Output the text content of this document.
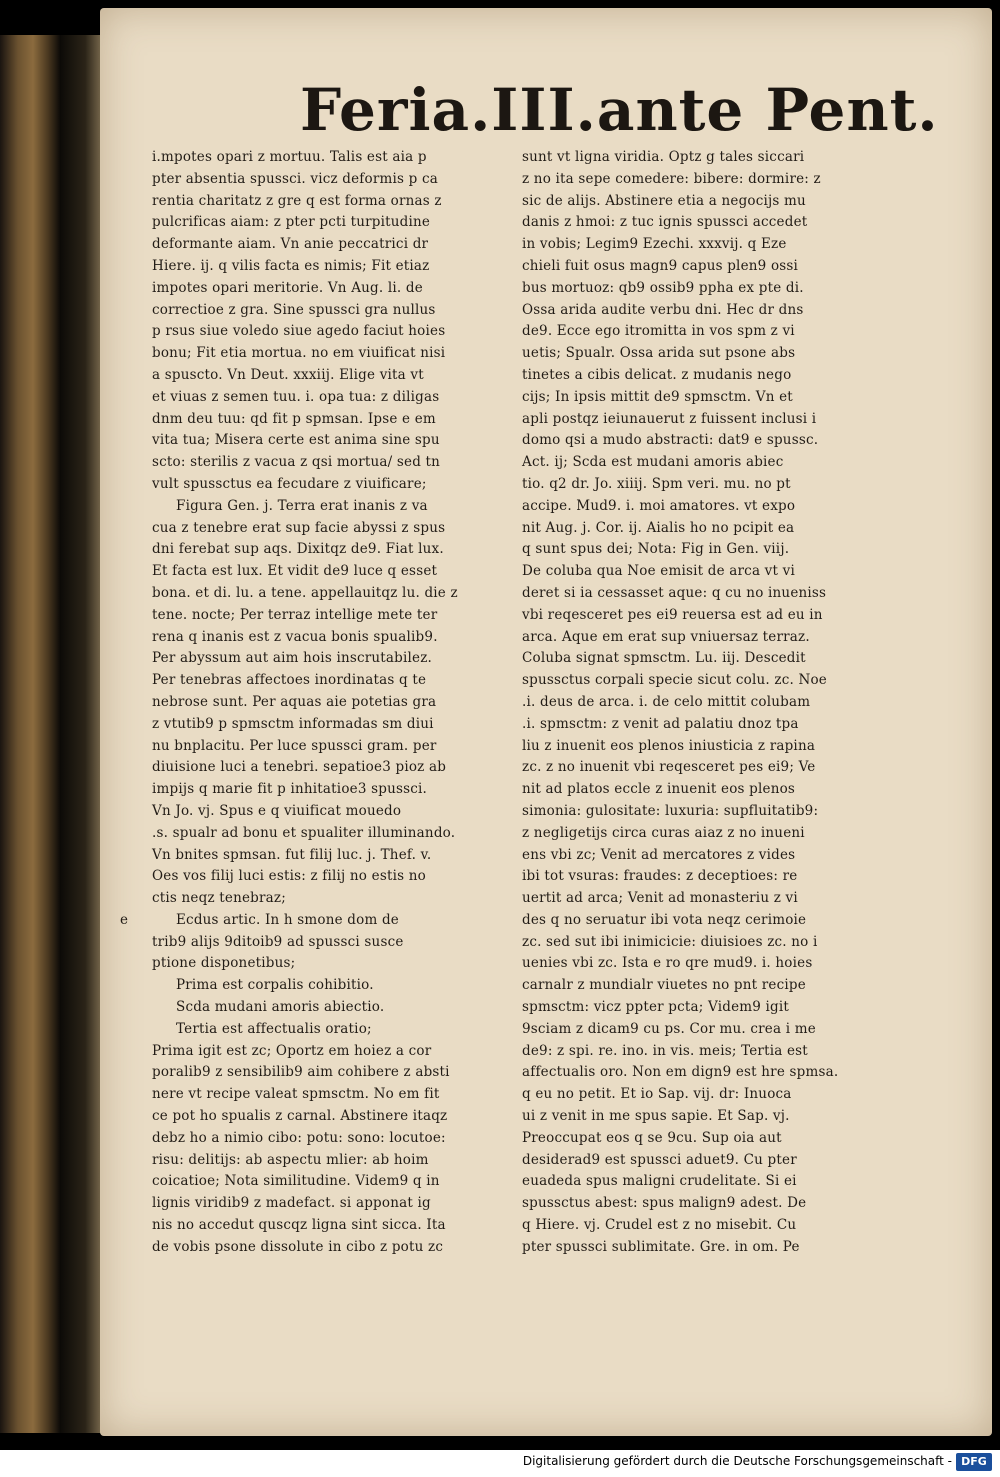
Feria.III.ante Pent.
i.mpotes opari z mortuu. Talis est aia p
pter absentia spussci. vicz deformis p ca
rentia charitatz z gre q est forma ornas z
pulcrificas aiam: z pter pcti turpitudine
deformante aiam. Vn anie peccatrici dr
Hiere. ij. q vilis facta es nimis; Fit etiaz
impotes opari meritorie. Vn Aug. li. de
correctioe z gra. Sine spussci gra nullus
p rsus siue voledo siue agedo faciut hoies
bonu; Fit etia mortua. no em viuificat nisi
a spuscto. Vn Deut. xxxiij. Elige vita vt
et viuas z semen tuu. i. opa tua: z diligas
dnm deu tuu: qd fit p spmsan. Ipse e em
vita tua; Misera certe est anima sine spu
scto: sterilis z vacua z qsi mortua/ sed tn
vult spussctus ea fecudare z viuificare;
Figura Gen. j. Terra erat inanis z va
cua z tenebre erat sup facie abyssi z spus
dni ferebat sup aqs. Dixitqz de9. Fiat lux.
Et facta est lux. Et vidit de9 luce q esset
bona. et di. lu. a tene. appellauitqz lu. die z
tene. nocte; Per terraz intellige mete ter
rena q inanis est z vacua bonis spualib9.
Per abyssum aut aim hois inscrutabilez.
Per tenebras affectoes inordinatas q te
nebrose sunt. Per aquas aie potetias gra
z vtutib9 p spmsctm informadas sm diui
nu bnplacitu. Per luce spussci gram. per
diuisione luci a tenebri. sepatioe3 pioz ab
impijs q marie fit p inhitatioe3 spussci.
Vn Jo. vj. Spus e q viuificat mouedo
.s. spualr ad bonu et spualiter illuminando.
Vn bnites spmsan. fut filij luc. j. Thef. v.
Oes vos filij luci estis: z filij no estis no
ctis neqz tenebraz;
Ecdus artic. In h smone dom de
e
trib9 alijs 9ditoib9 ad spussci susce
ptione disponetibus;
Prima est corpalis cohibitio.
Scda mudani amoris abiectio.
Tertia est affectualis oratio;
Prima igit est zc; Oportz em hoiez a cor
poralib9 z sensibilib9 aim cohibere z absti
nere vt recipe valeat spmsctm. No em fit
ce pot ho spualis z carnal. Abstinere itaqz
debz ho a nimio cibo: potu: sono: locutoe:
risu: delitijs: ab aspectu mlier: ab hoim
coicatioe; Nota similitudine. Videm9 q in
lignis viridib9 z madefact. si apponat ig
nis no accedut quscqz ligna sint sicca. Ita
de vobis psone dissolute in cibo z potu zc
sunt vt ligna viridia. Optz g tales siccari
z no ita sepe comedere: bibere: dormire: z
sic de alijs. Abstinere etia a negocijs mu
danis z hmoi: z tuc ignis spussci accedet
in vobis; Legim9 Ezechi. xxxvij. q Eze
chieli fuit osus magn9 capus plen9 ossi
bus mortuoz: qb9 ossib9 ppha ex pte di.
Ossa arida audite verbu dni. Hec dr dns
de9. Ecce ego itromitta in vos spm z vi
uetis; Spualr. Ossa arida sut psone abs
tinetes a cibis delicat. z mudanis nego
cijs; In ipsis mittit de9 spmsctm. Vn et
apli postqz ieiunauerut z fuissent inclusi i
domo qsi a mudo abstracti: dat9 e spussc.
Act. ij; Scda est mudani amoris abiec
tio. q2 dr. Jo. xiiij. Spm veri. mu. no pt
accipe. Mud9. i. moi amatores. vt expo
nit Aug. j. Cor. ij. Aialis ho no pcipit ea
q sunt spus dei; Nota: Fig in Gen. viij.
De coluba qua Noe emisit de arca vt vi
deret si ia cessasset aque: q cu no inueniss
vbi reqesceret pes ei9 reuersa est ad eu in
arca. Aque em erat sup vniuersaz terraz.
Coluba signat spmsctm. Lu. iij. Descedit
spussctus corpali specie sicut colu. zc. Noe
.i. deus de arca. i. de celo mittit colubam
.i. spmsctm: z venit ad palatiu dnoz tpa
liu z inuenit eos plenos iniusticia z rapina
zc. z no inuenit vbi reqesceret pes ei9; Ve
nit ad platos eccle z inuenit eos plenos
simonia: gulositate: luxuria: supfluitatib9:
z negligetijs circa curas aiaz z no inueni
ens vbi zc; Venit ad mercatores z vides
ibi tot vsuras: fraudes: z deceptioes: re
uertit ad arca; Venit ad monasteriu z vi
des q no seruatur ibi vota neqz cerimoie
zc. sed sut ibi inimicicie: diuisioes zc. no i
uenies vbi zc. Ista e ro qre mud9. i. hoies
carnalr z mundialr viuetes no pnt recipe
spmsctm: vicz ppter pcta; Videm9 igit
9sciam z dicam9 cu ps. Cor mu. crea i me
de9: z spi. re. ino. in vis. meis; Tertia est
affectualis oro. Non em dign9 est hre spmsa.
q eu no petit. Et io Sap. vij. dr: Inuoca
ui z venit in me spus sapie. Et Sap. vj.
Preoccupat eos q se 9cu. Sup oia aut
desiderad9 est spussci aduet9. Cu pter
euadeda spus maligni crudelitate. Si ei
spussctus abest: spus malign9 adest. De
q Hiere. vj. Crudel est z no misebit. Cu
pter spussci sublimitate. Gre. in om. Pe
Digitalisierung gefördert durch die Deutsche Forschungsgemeinschaft - DFG
